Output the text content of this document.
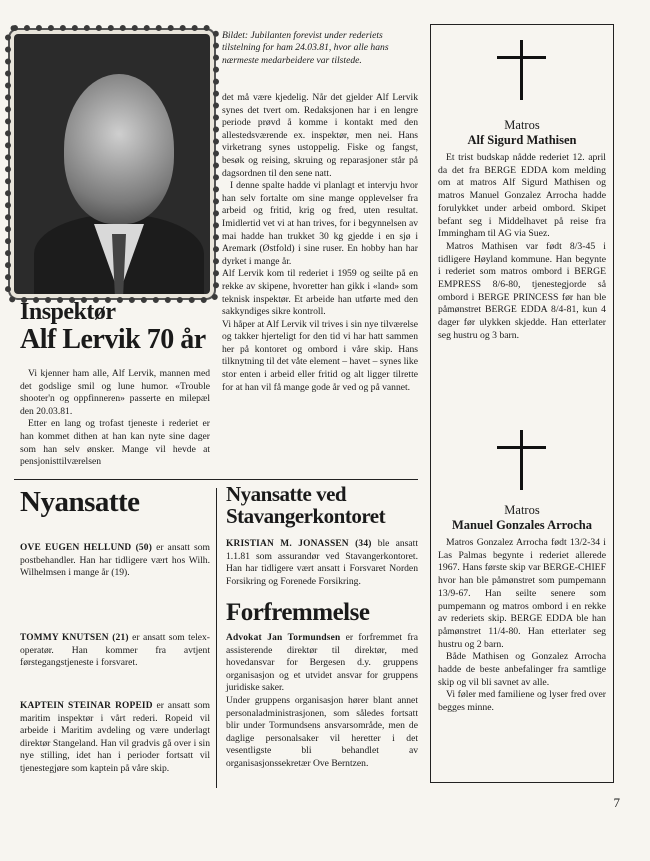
Bildet: Jubilanten forevist under rederiets tilstelning for ham 24.03.81, hvor alle hans nærmeste medarbeidere var tilstede.
Inspektør
Alf Lervik 70 år

Vi kjenner ham alle, Alf Lervik, mannen med det godslige smil og lune humor. «Trouble shooter'n og oppfinneren» passerte en milepæl den 20.03.81.

Etter en lang og trofast tjeneste i rederiet er han kommet dithen at han kan nyte sine dager som han selv ønsker. Mange vil hevde at pensjonisttilværelsen

det må være kjedelig. Når det gjelder Alf Lervik synes det tvert om. Redaksjonen har i en lengre periode prøvd å komme i kontakt med den allestedsværende ex. inspektør, men nei. Hans virketrang synes ustoppelig. Fiske og fangst, besøk og reising, skruing og reparasjoner står på dagsordnen til den sene natt.

I denne spalte hadde vi planlagt et intervju hvor han selv fortalte om sine mange opplevelser fra arbeid og fritid, krig og fred, uten resultat. Imidlertid vet vi at han trives, for i begynnelsen av mai hadde han trukket 30 kg gjedde i en sjø i Aremark (Østfold) i sine ruser. En hobby han har dyrket i mange år.

Alf Lervik kom til rederiet i 1959 og seilte på en rekke av skipene, hvoretter han gikk i «land» som teknisk inspektør. Et arbeide han utførte med den sakkyndiges sikre kontroll.

Vi håper at Alf Lervik vil trives i sin nye tilværelse og takker hjerteligt for den tid vi har hatt sammen her på kontoret og ombord i våre skip. Hans tilknytning til det våte element – havet – synes like stor enten i arbeid eller fritid og alt ligger tilrette for at han vil få mange gode år ved og på vannet.

Nyansatte

OVE EUGEN HELLUND (50) er ansatt som postbehandler. Han har tidligere vært hos Wilh. Wilhelmsen i mange år (19).

TOMMY KNUTSEN (21) er ansatt som telex-operatør. Han kommer fra avtjent førstegangstjeneste i forsvaret.

KAPTEIN STEINAR ROPEID er ansatt som maritim inspektør i vårt rederi. Ropeid vil arbeide i Maritim avdeling og være underlagt direktør Stangeland. Han vil gradvis gå over i sin nye stilling, idet han i perioder fortsatt vil tjenestegjøre som kaptein på våre skip.

Nyansatte ved
Stavangerkontoret

KRISTIAN M. JONASSEN (34) ble ansatt 1.1.81 som assurandør ved Stavangerkontoret. Han har tidligere vært ansatt i Forsvaret Norden Forsikring og Forenede Forsikring.

Forfremmelse

Advokat Jan Tormundsen er forfremmet fra assisterende direktør til direktør, med hovedansvar for Bergesen d.y. gruppens organisasjon og et utvidet ansvar for gruppens juridiske saker.

Under gruppens organisasjon hører blant annet personaladministrasjonen, som således fortsatt blir under Tormundsens ansvarsområde, men de daglige personalsaker vil heretter i det vesentligste bli behandlet av organisasjonssekretær Ove Berntzen.

Matros
Alf Sigurd Mathisen

Et trist budskap nådde rederiet 12. april da det fra BERGE EDDA kom melding om at matros Alf Sigurd Mathisen og matros Manuel Gonzalez Arrocha hadde forulykket under arbeid ombord. Skipet befant seg i Middelhavet på reise fra Immingham til AG via Suez.

Matros Mathisen var født 8/3-45 i tidligere Høyland kommune. Han begynte i rederiet som matros ombord i BERGE EMPRESS 8/6-80, tjenestegjorde så ombord i BERGE PRINCESS før han ble påmønstret BERGE EDDA 8/4-81, kun 4 dager før ulykken skjedde. Han etterlater seg hustru og 3 barn.

Matros
Manuel Gonzales Arrocha

Matros Gonzalez Arrocha født 13/2-34 i Las Palmas begynte i rederiet allerede 1967. Hans første skip var BERGE-CHIEF hvor han ble påmønstret som pumpemann 13/9-67. Han seilte senere som pumpemann og matros ombord i en rekke av rederiets skip. BERGE EDDA ble han påmønstret 11/4-80. Han etterlater seg hustru og 2 barn.

Både Mathisen og Gonzalez Arrocha hadde de beste anbefalinger fra samtlige skip og vil bli savnet av alle.

Vi føler med familiene og lyser fred over begges minne.

7
